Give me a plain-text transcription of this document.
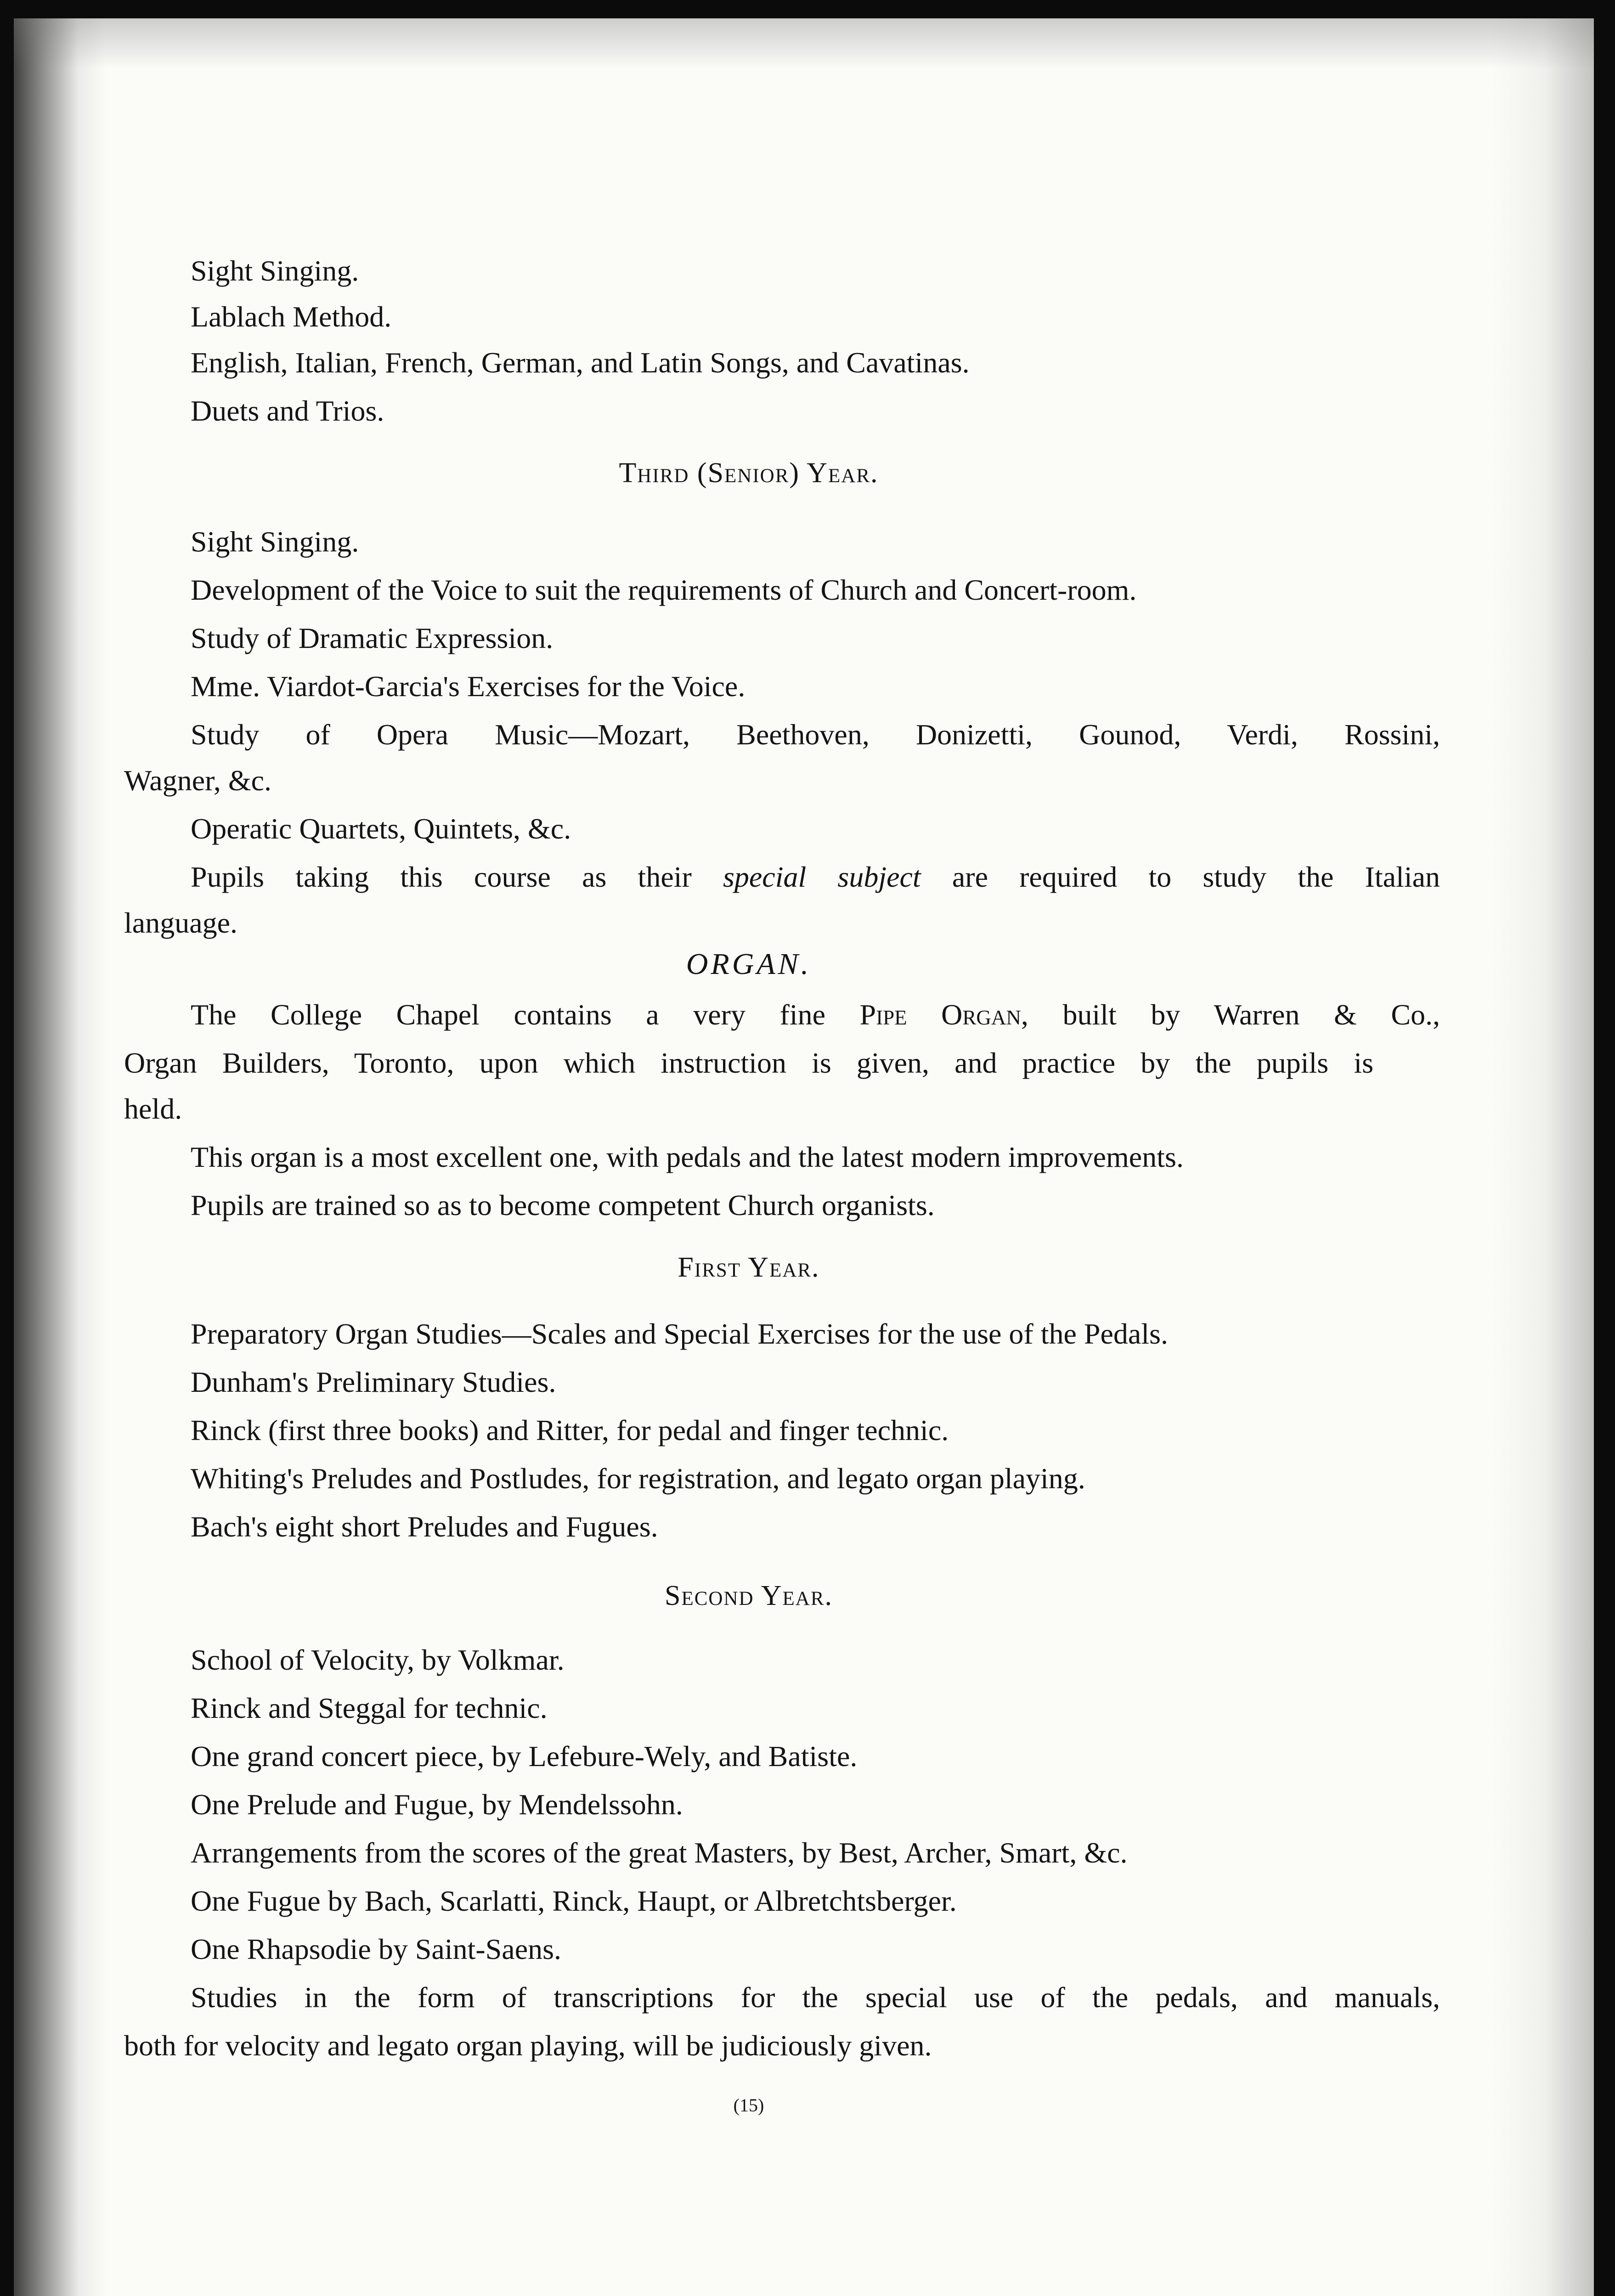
Sight Singing.
Lablach Method.
English, Italian, French, German, and Latin Songs, and Cavatinas.
Duets and Trios.
Third (Senior) Year.
Sight Singing.
Development of the Voice to suit the requirements of Church and Concert-room.
Study of Dramatic Expression.
Mme. Viardot-Garcia's Exercises for the Voice.
Study of Opera Music—Mozart, Beethoven, Donizetti, Gounod, Verdi, Rossini,
Wagner, &c.
Operatic Quartets, Quintets, &c.
Pupils taking this course as their special subject are required to study the Italian
language.
ORGAN.
The College Chapel contains a very fine Pipe Organ, built by Warren & Co.,
Organ Builders, Toronto, upon which instruction is given, and practice by the pupils is
held.
This organ is a most excellent one, with pedals and the latest modern improvements.
Pupils are trained so as to become competent Church organists.
First Year.
Preparatory Organ Studies—Scales and Special Exercises for the use of the Pedals.
Dunham's Preliminary Studies.
Rinck (first three books) and Ritter, for pedal and finger technic.
Whiting's Preludes and Postludes, for registration, and legato organ playing.
Bach's eight short Preludes and Fugues.
Second Year.
School of Velocity, by Volkmar.
Rinck and Steggal for technic.
One grand concert piece, by Lefebure-Wely, and Batiste.
One Prelude and Fugue, by Mendelssohn.
Arrangements from the scores of the great Masters, by Best, Archer, Smart, &c.
One Fugue by Bach, Scarlatti, Rinck, Haupt, or Albretchtsberger.
One Rhapsodie by Saint-Saens.
Studies in the form of transcriptions for the special use of the pedals, and manuals,
both for velocity and legato organ playing, will be judiciously given.
(15)
